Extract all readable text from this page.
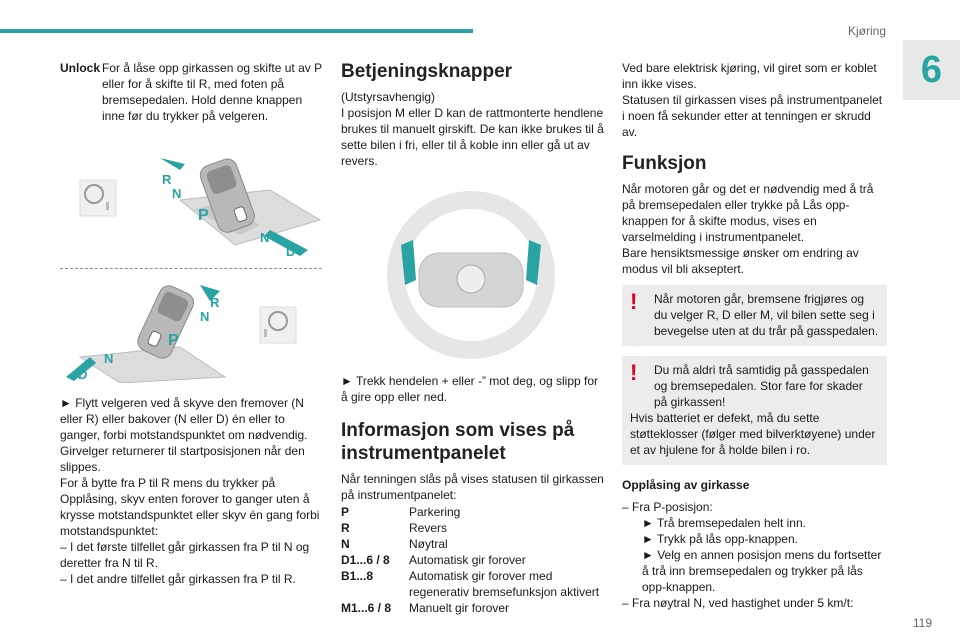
Kjøring
6
119
Unlock For å låse opp girkassen og skifte ut av P eller for å skifte til R, med foten på bremsepedalen. Hold denne knappen inne før du trykker på velgeren.
R
N
P
N
D
R
N
P
N
D

► Flytt velgeren ved å skyve den fremover (N eller R) eller bakover (N eller D) én eller to ganger, forbi motstandspunktet om nødvendig. Girvelger returnerer til startposisjonen når den slippes.

For å bytte fra P til R mens du trykker på Opplåsing, skyv enten forover to ganger uten å krysse motstandspunktet eller skyv én gang forbi motstandspunktet:

– I det første tilfellet går girkassen fra P til N og deretter fra N til R.

– I det andre tilfellet går girkassen fra P til R.

Betjeningsknapper

(Utstyrsavhengig)

I posisjon M eller D kan de rattmonterte hendlene brukes til manuelt girskift. De kan ikke brukes til å sette bilen i fri, eller til å koble inn eller gå ut av revers.

► Trekk hendelen + eller -” mot deg, og slipp for å gire opp eller ned.

Informasjon som vises på instrumentpanelet

Når tenningen slås på vises statusen til girkassen på instrumentpanelet:

P	Parkering
R	Revers
N	Nøytral
D1...6 / 8	Automatisk gir forover
B1...8	Automatisk gir forover med regenerativ bremsefunksjon aktivert
M1...6 / 8	Manuelt gir forover

Ved bare elektrisk kjøring, vil giret som er koblet inn ikke vises.

Statusen til girkassen vises på instrumentpanelet i noen få sekunder etter at tenningen er skrudd av.

Funksjon

Når motoren går og det er nødvendig med å trå på bremsepedalen eller trykke på Lås opp-knappen for å skifte modus, vises en varselmelding i instrumentpanelet.

Bare hensiktsmessige ønsker om endring av modus vil bli akseptert.

!	Når motoren går, bremsene frigjøres og du velger R, D eller M, vil bilen sette seg i bevegelse uten at du trår på gasspedalen.

!	Du må aldri trå samtidig på gasspedalen og bremsepedalen. Stor fare for skader på girkassen!

Hvis batteriet er defekt, må du sette støtteklosser (følger med bilverktøyene) under et av hjulene for å holde bilen i ro.

Opplåsing av girkasse

– Fra P-posisjon:

► Trå bremsepedalen helt inn.

► Trykk på lås opp-knappen.

► Velg en annen posisjon mens du fortsetter å trå inn bremsepedalen og trykker på lås opp-knappen.

– Fra nøytral N, ved hastighet under 5 km/t:
